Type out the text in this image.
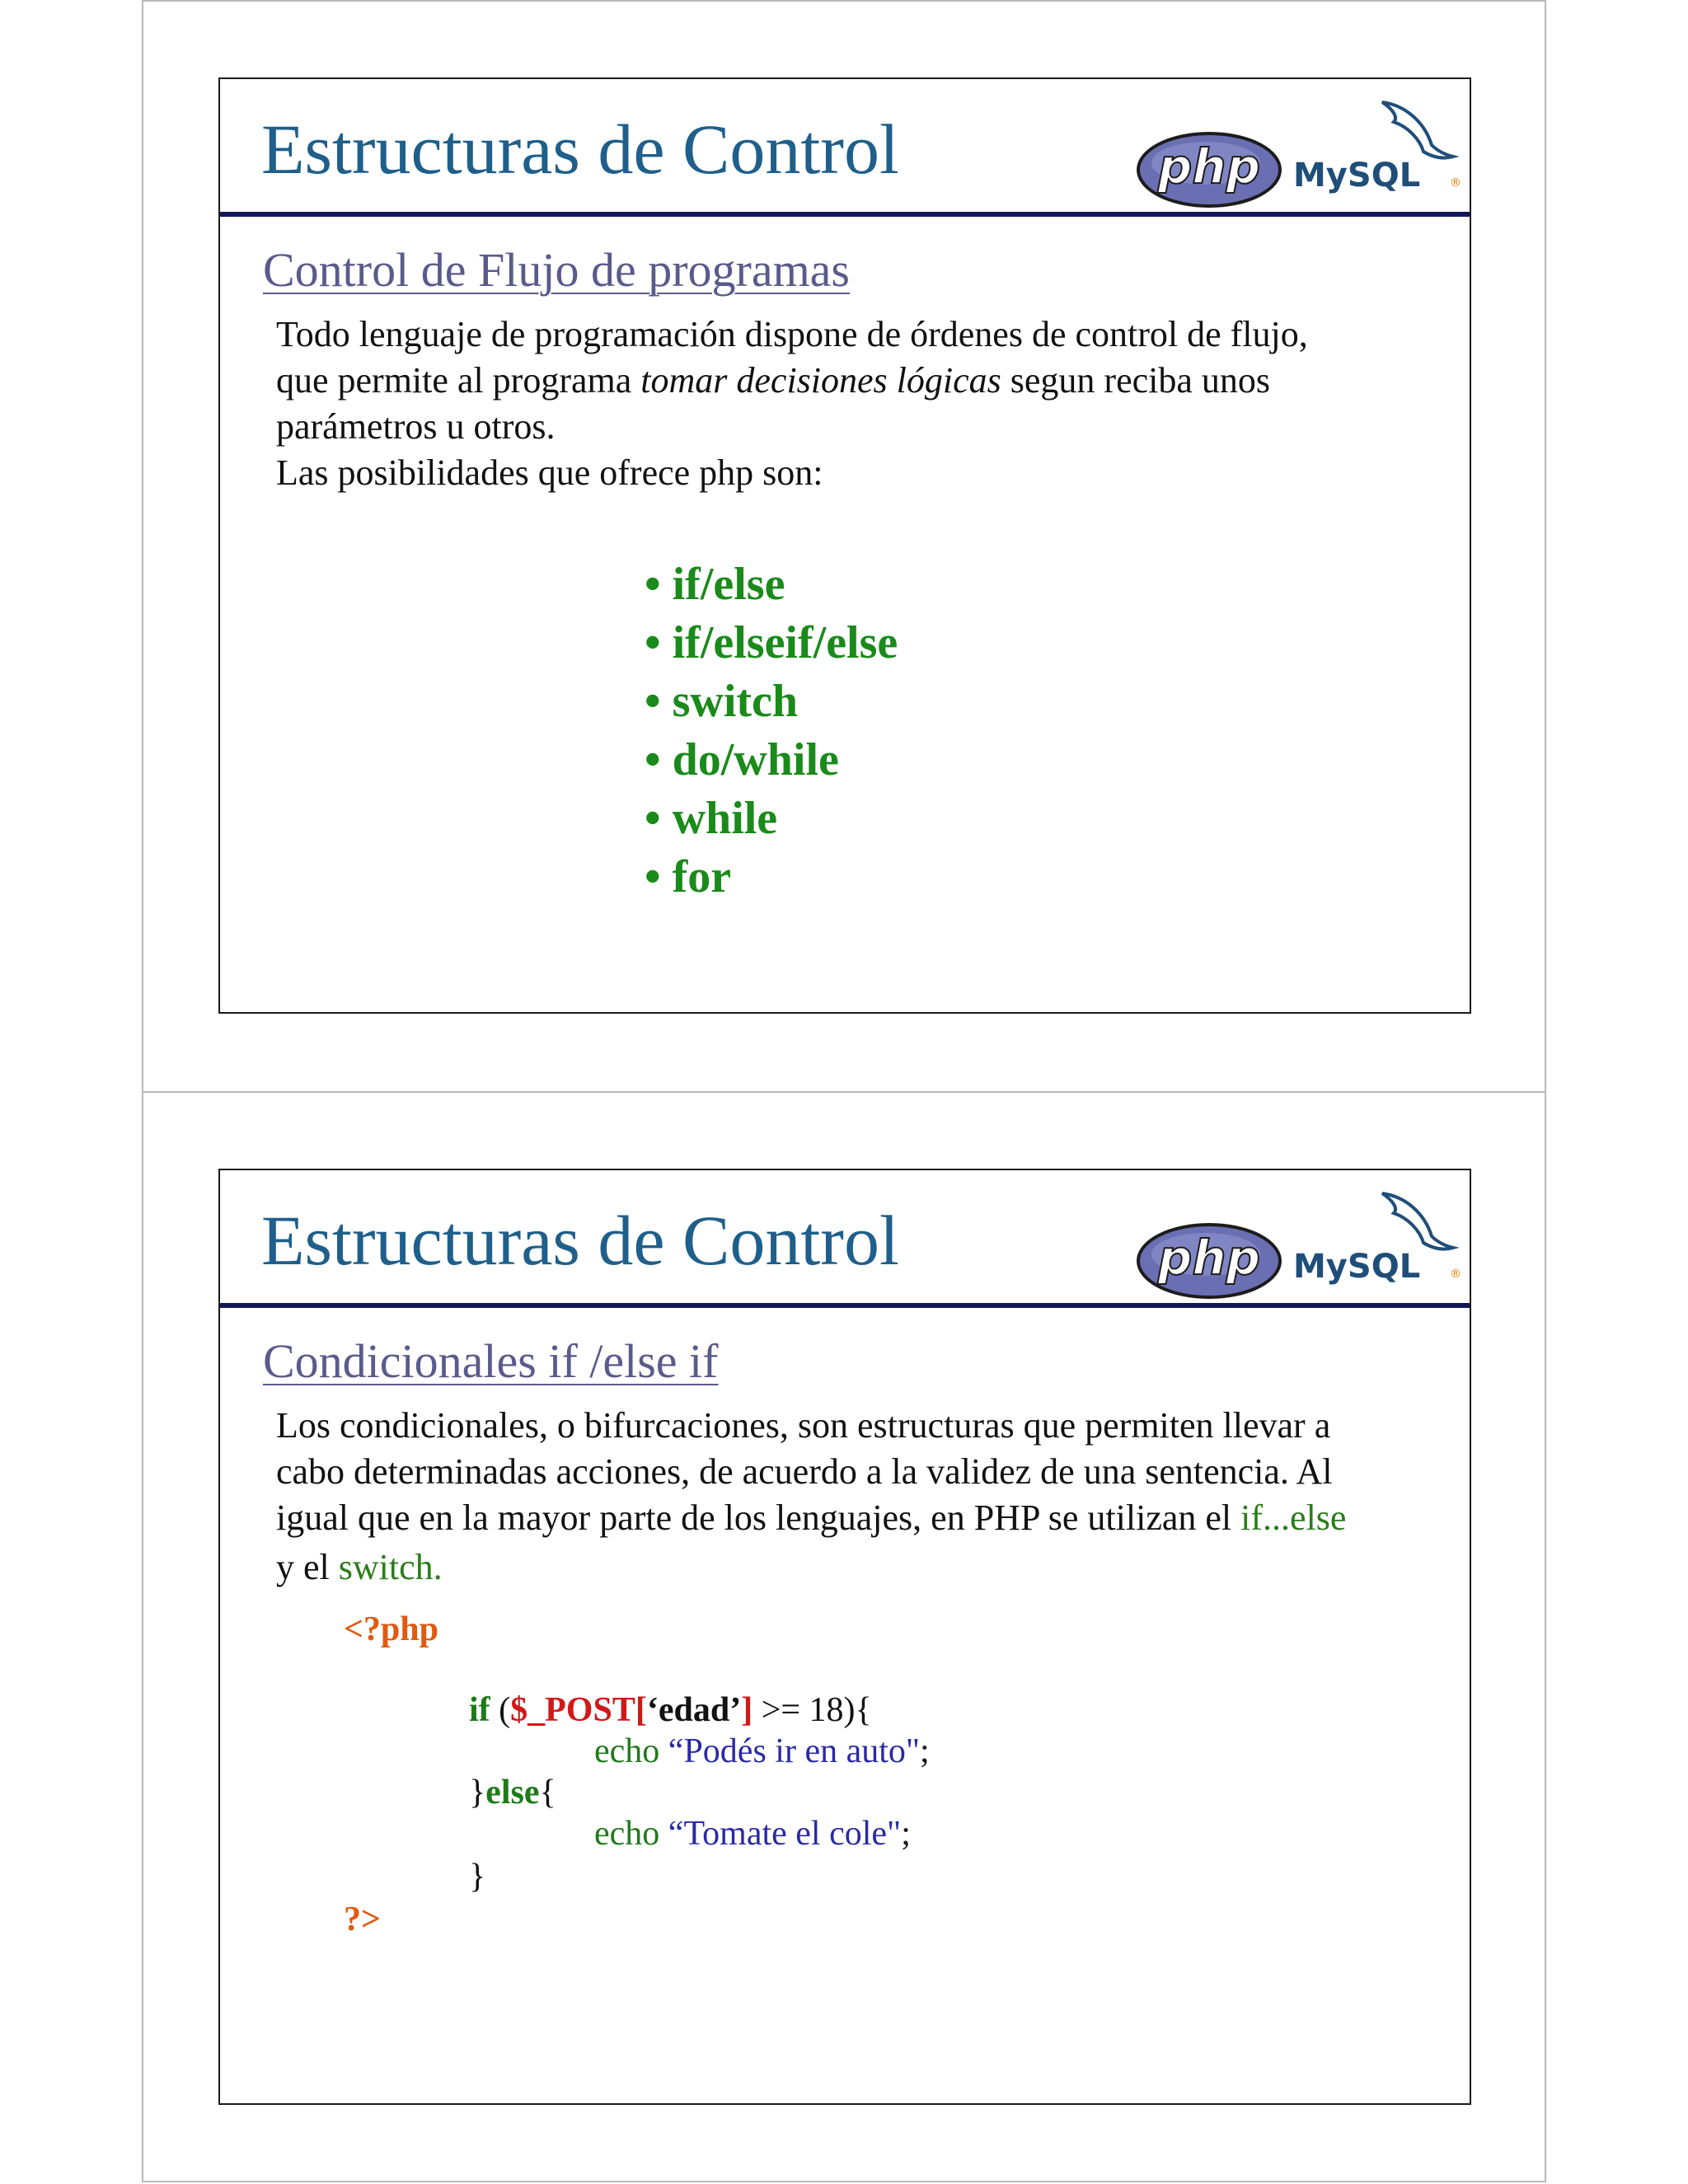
Estructuras de Control	php MySQL	®
Control de Flujo de programas

Todo lenguaje de programación dispone de órdenes de control de flujo,
que permite al programa tomar decisiones lógicas segun reciba unos
parámetros u otros.
Las posibilidades que ofrece php son:

• if/else
• if/elseif/else
• switch
• do/while
• while
• for
Estructuras de Control	php MySQL	®
Condicionales if /else if

Los condicionales, o bifurcaciones, son estructuras que permiten llevar a
cabo determinadas acciones, de acuerdo a la validez de una sentencia. Al
igual que en la mayor parte de los lenguajes, en PHP se utilizan el if...else
y el switch.

<?php
if ($_POST[‘edad’] >= 18){
echo “Podés ir en auto";
}else{
echo “Tomate el cole";
}
?>
